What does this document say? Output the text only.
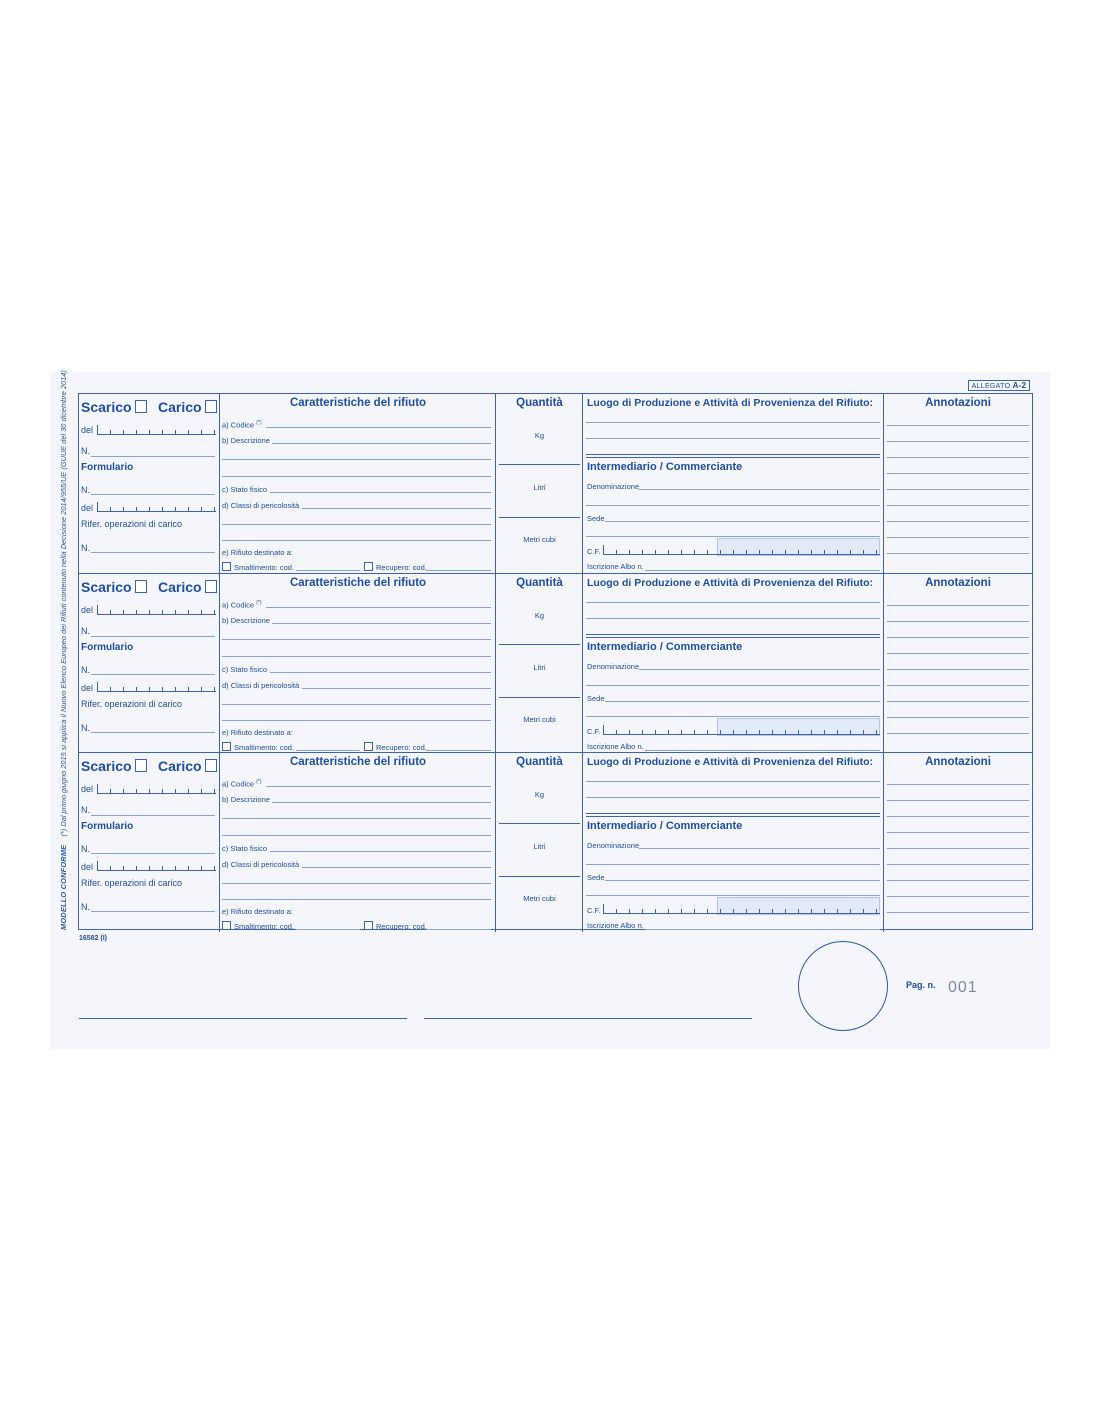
ALLEGATO A-2
MODELLO CONFORME    (*) Dal primo giugno 2015 si applica il Nuovo Elenco Europeo dei Rifiuti contenuto nella Decisione 2014/955/UE (GUUE del 30 dicembre 2014) Scarico	Carico
del
N.
Formulario
N.
del
Rifer. operazioni di carico
N.
Caratteristiche del rifiuto
a) Codice (*)
b) Descrizione
c) Stato fisico
d) Classi di pericolosità
e) Rifiuto destinato a:
Smaltimento: cod.	Recupero: cod.
Quantità
Kg
Litri
Metri cubi
Luogo di Produzione e Attività di Provenienza del Rifiuto:
Intermediario / Commerciante
Denominazione
Sede
C.F.
Iscrizione Albo n.
Annotazioni
Scarico	Carico
del
N.
Formulario
N.
del
Rifer. operazioni di carico
N.
Caratteristiche del rifiuto
a) Codice (*)
b) Descrizione
c) Stato fisico
d) Classi di pericolosità
e) Rifiuto destinato a:
Smaltimento: cod.	Recupero: cod.
Quantità
Kg
Litri
Metri cubi
Luogo di Produzione e Attività di Provenienza del Rifiuto:
Intermediario / Commerciante
Denominazione
Sede
C.F.
Iscrizione Albo n.
Annotazioni
Scarico	Carico
del
N.
Formulario
N.
del
Rifer. operazioni di carico
N.
Caratteristiche del rifiuto
a) Codice (*)
b) Descrizione
c) Stato fisico
d) Classi di pericolosità
e) Rifiuto destinato a:
Smaltimento: cod.	Recupero: cod.
Quantità
Kg
Litri
Metri cubi
Luogo di Produzione e Attività di Provenienza del Rifiuto:
Intermediario / Commerciante
Denominazione
Sede
C.F.
Iscrizione Albo n.
Annotazioni
16582 (I)
Pag. n. 001
